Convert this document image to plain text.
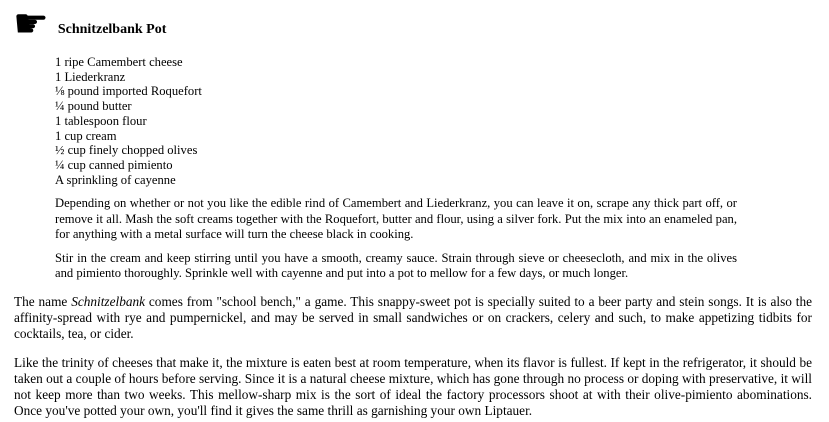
☛ Schnitzelbank Pot
1 ripe Camembert cheese
1 Liederkranz
⅛ pound imported Roquefort
¼ pound butter
1 tablespoon flour
1 cup cream
½ cup finely chopped olives
¼ cup canned pimiento
A sprinkling of cayenne

Depending on whether or not you like the edible rind of Camembert and Liederkranz, you can leave it on, scrape any thick part off, or remove it all. Mash the soft creams together with the Roquefort, butter and flour, using a silver fork. Put the mix into an enameled pan, for anything with a metal surface will turn the cheese black in cooking.

Stir in the cream and keep stirring until you have a smooth, creamy sauce. Strain through sieve or cheesecloth, and mix in the olives and pimiento thoroughly. Sprinkle well with cayenne and put into a pot to mellow for a few days, or much longer.

The name Schnitzelbank comes from "school bench," a game. This snappy-sweet pot is specially suited to a beer party and stein songs. It is also the affinity-spread with rye and pumpernickel, and may be served in small sandwiches or on crackers, celery and such, to make appetizing tidbits for cocktails, tea, or cider.

Like the trinity of cheeses that make it, the mixture is eaten best at room temperature, when its flavor is fullest. If kept in the refrigerator, it should be taken out a couple of hours before serving. Since it is a natural cheese mixture, which has gone through no process or doping with preservative, it will not keep more than two weeks. This mellow-sharp mix is the sort of ideal the factory processors shoot at with their olive-pimiento abominations. Once you've potted your own, you'll find it gives the same thrill as garnishing your own Liptauer.
